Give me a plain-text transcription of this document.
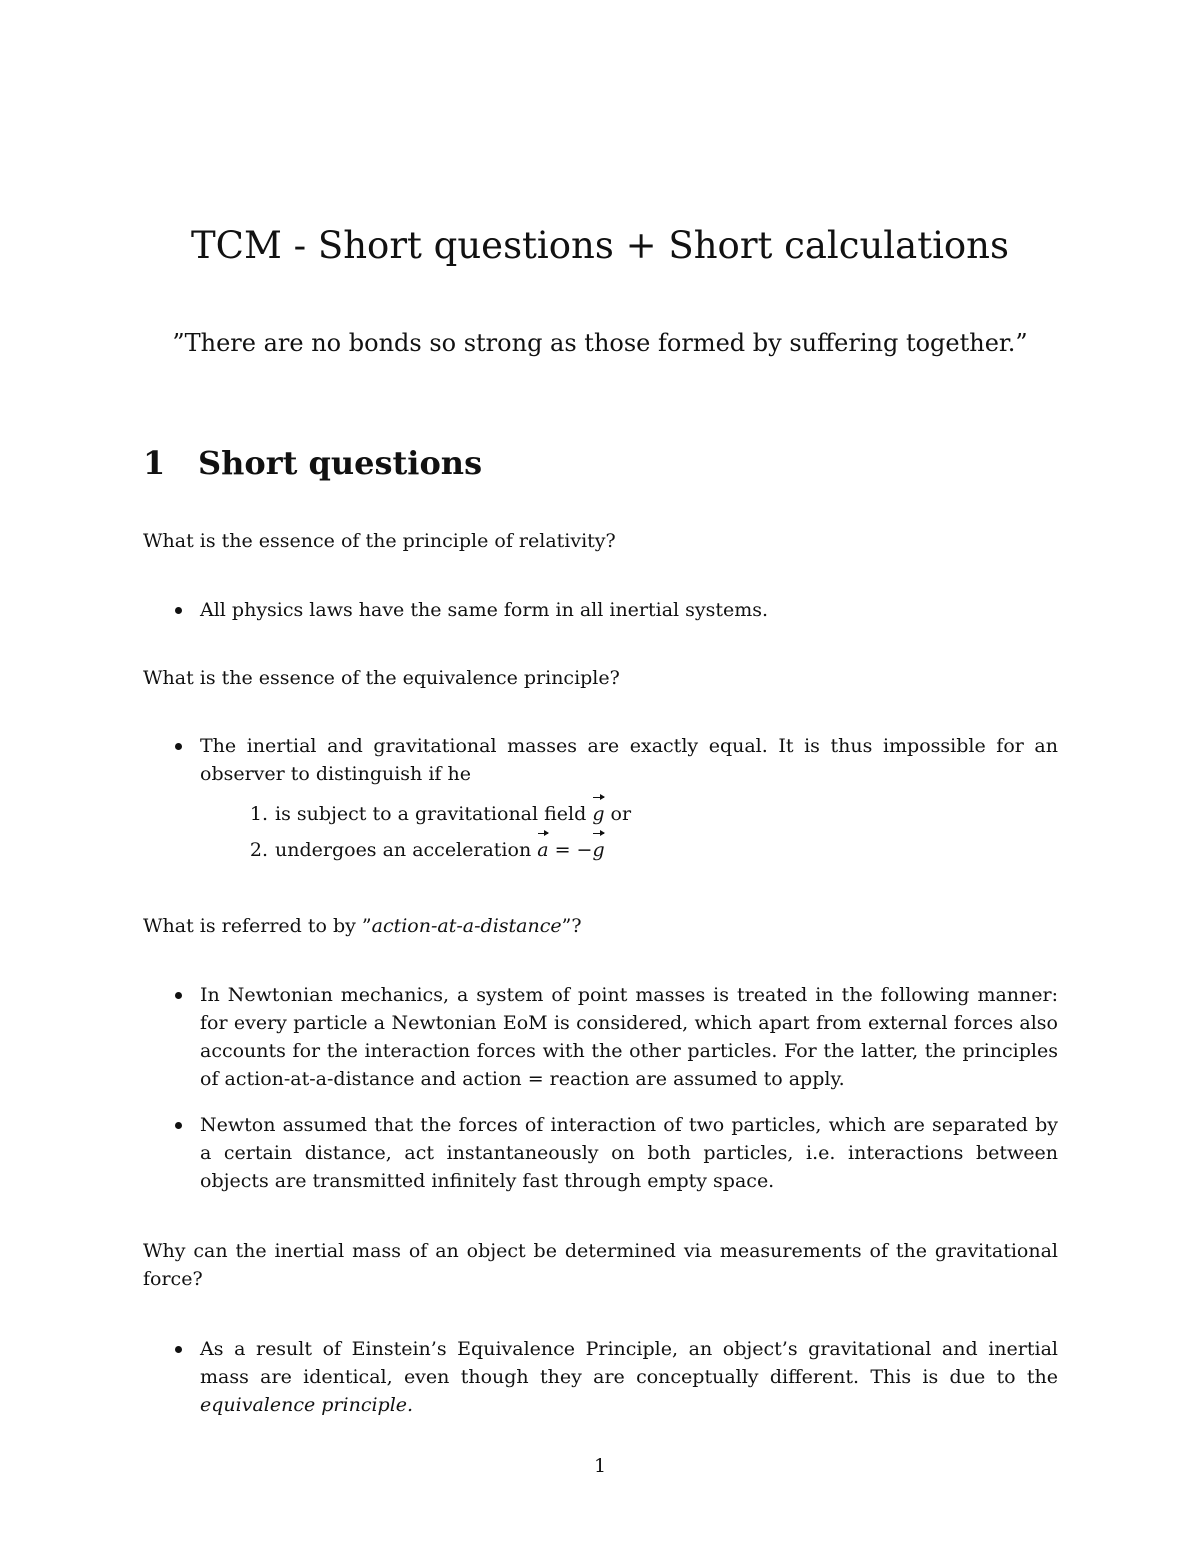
TCM - Short questions + Short calculations
”There are no bonds so strong as those formed by suffering together.”
1 Short questions

What is the essence of the principle of relativity?

All physics laws have the same form in all inertial systems.

What is the essence of the equivalence principle?

The inertial and gravitational masses are exactly equal. It is thus impossible for an observer to distinguish if he
1. is subject to a gravitational field g or
2. undergoes an acceleration a = −g

What is referred to by ”action-at-a-distance”?

In Newtonian mechanics, a system of point masses is treated in the following manner: for every particle a Newtonian EoM is considered, which apart from external forces also accounts for the interaction forces with the other particles. For the latter, the principles of action-at-a-distance and action = reaction are assumed to apply.
Newton assumed that the forces of interaction of two particles, which are separated by a certain distance, act instantaneously on both particles, i.e. interactions between objects are transmitted infinitely fast through empty space.

Why can the inertial mass of an object be determined via measurements of the gravitational force?

As a result of Einstein’s Equivalence Principle, an object’s gravitational and inertial mass are identical, even though they are conceptually different. This is due to the equivalence principle.
1
